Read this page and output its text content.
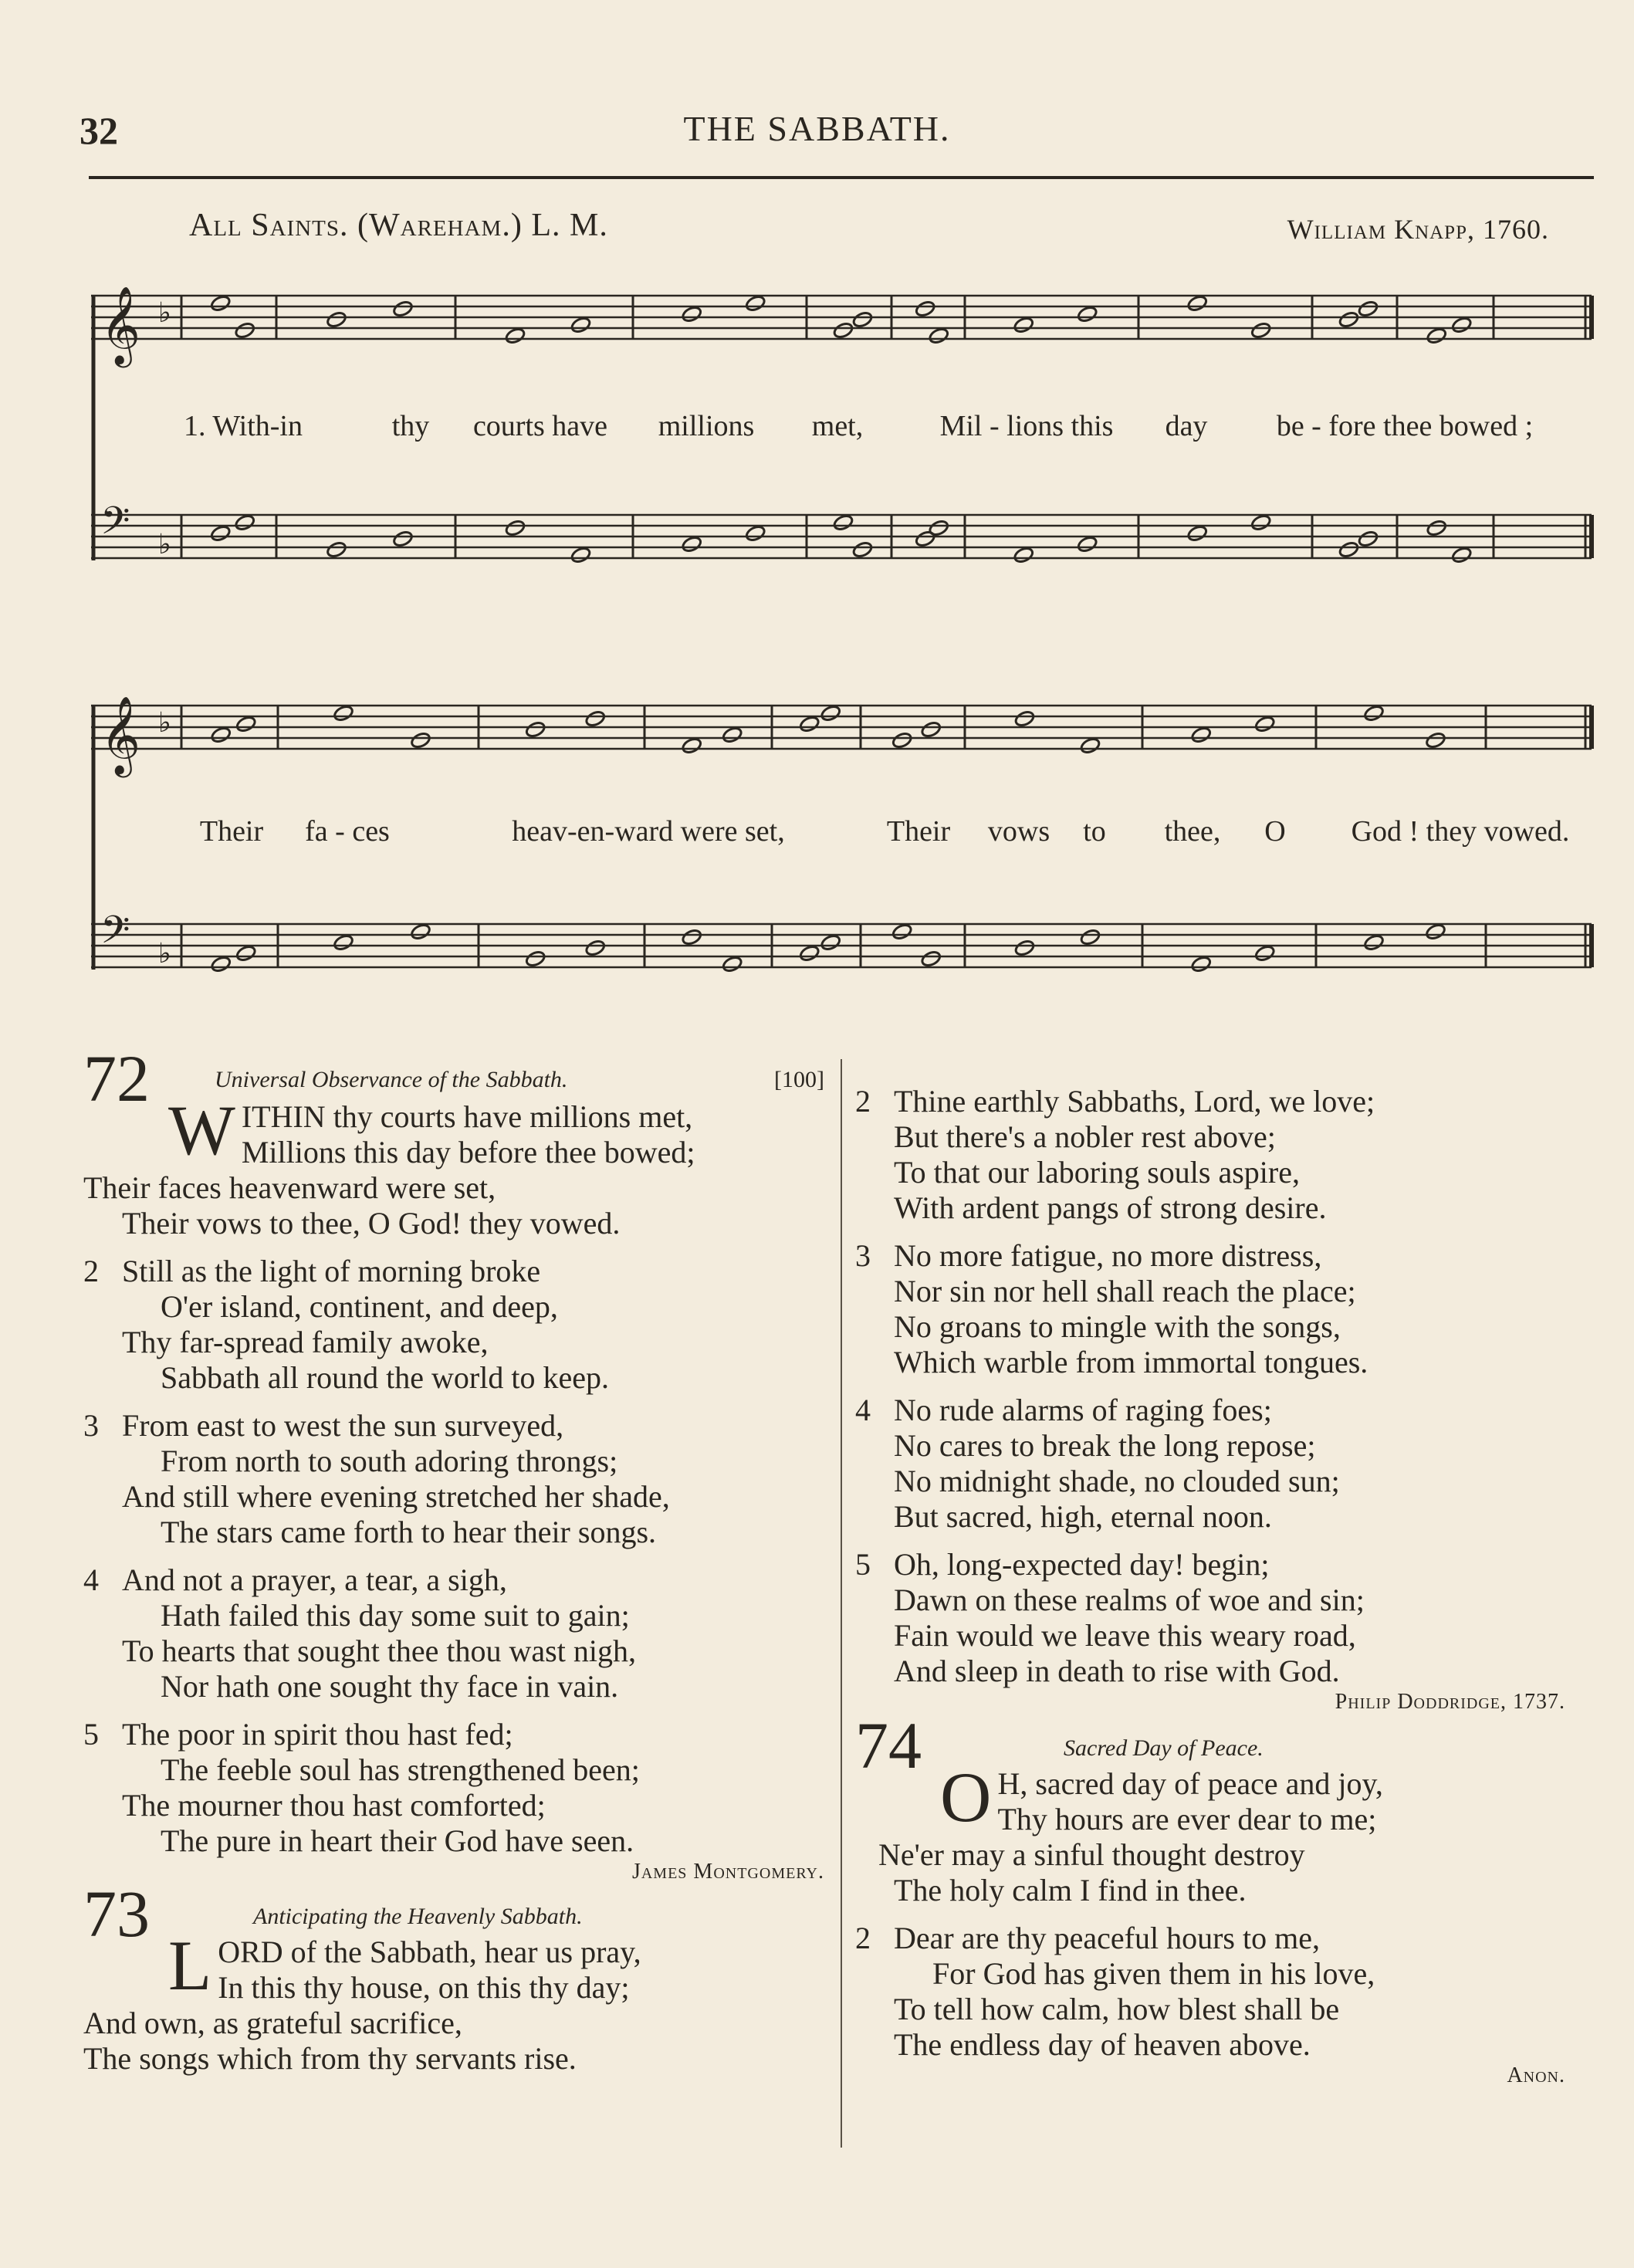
32	THE SABBATH.
All Saints. (Wareham.) L. M.	William Knapp, 1760.
𝄞 ♭
𝄢 ♭
𝄞 ♭
𝄢 ♭
1. With-in	thy courts have millions met,	Mil - lions this day be - fore thee bowed ;
Their fa - ces	heav-en-ward were set,	Their vows to thee, O God ! they vowed.
72	Universal Observance of the Sabbath.	[100]
W ITHIN thy courts have millions met,
Millions this day before thee bowed;
Their faces heavenward were set,
Their vows to thee, O God! they vowed.
2 Still as the light of morning broke
O'er island, continent, and deep,
Thy far-spread family awoke,
Sabbath all round the world to keep.
3 From east to west the sun surveyed,
From north to south adoring throngs;
And still where evening stretched her shade,
The stars came forth to hear their songs.
4 And not a prayer, a tear, a sigh,
Hath failed this day some suit to gain;
To hearts that sought thee thou wast nigh,
Nor hath one sought thy face in vain.
5 The poor in spirit thou hast fed;
The feeble soul has strengthened been;
The mourner thou hast comforted;
The pure in heart their God have seen.
James Montgomery.
73	Anticipating the Heavenly Sabbath.
L ORD of the Sabbath, hear us pray,
In this thy house, on this thy day;
And own, as grateful sacrifice,
The songs which from thy servants rise.
2 Thine earthly Sabbaths, Lord, we love;
But there's a nobler rest above;
To that our laboring souls aspire,
With ardent pangs of strong desire.
3 No more fatigue, no more distress,
Nor sin nor hell shall reach the place;
No groans to mingle with the songs,
Which warble from immortal tongues.
4 No rude alarms of raging foes;
No cares to break the long repose;
No midnight shade, no clouded sun;
But sacred, high, eternal noon.
5 Oh, long-expected day! begin;
Dawn on these realms of woe and sin;
Fain would we leave this weary road,
And sleep in death to rise with God.
Philip Doddridge, 1737.
74	Sacred Day of Peace.
O H, sacred day of peace and joy,
Thy hours are ever dear to me;
Ne'er may a sinful thought destroy
The holy calm I find in thee.
2 Dear are thy peaceful hours to me,
For God has given them in his love,
To tell how calm, how blest shall be
The endless day of heaven above.
Anon.
